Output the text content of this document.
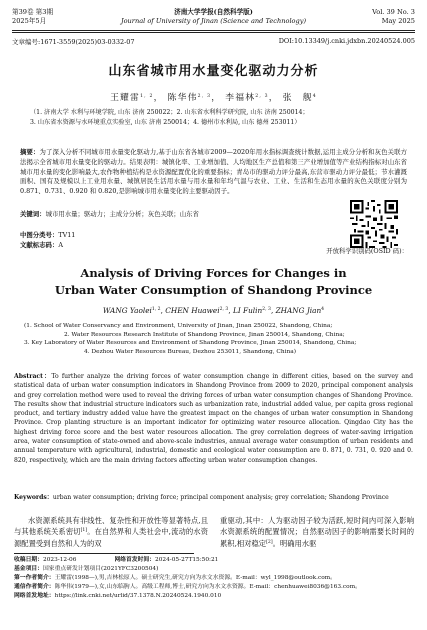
第39卷 第3期
2025年5月
济南大学学报(自然科学版)
Journal of University of Jinan (Science and Technology)
Vol. 39 No. 3
May 2025
文章编号:1671-3559(2025)03-0332-07	DOI:10.13349/j.cnki.jdxbn.20240524.005
山东省城市用水量变化驱动力分析
王耀雷$^{1, 2}$， 陈华伟$^{2, 3}$， 李福林$^{2, 3}$， 张　舰$^4$
（1. 济南大学 水利与环境学院, 山东 济南 250022；2. 山东省水利科学研究院, 山东 济南 250014；
3. 山东省水资源与水环境重点实验室, 山东 济南 250014；4. 德州市水利局, 山东 德州 253011）
摘要：为了深入分析不同城市用水量变化驱动力,基于山东省各城市2009—2020年用水指标调查统计数据,运用主成分分析和灰色关联方法揭示全省城市用水量变化的驱动力。结果表明：城镇化率、工业增加值、人均地区生产总值和第三产业增加值等产业结构指标对山东省城市用水量的变化影响最大,农作物种植结构是水资源配置优化的重要指标；青岛市的驱动力评分最高,东营市驱动力评分最低；节水灌溉面积、国有及规模以上工业用水量、城镇居民生活用水量与用水量和年均气温与农业、工业、生活和生态用水量的灰色关联度分别为 0.871、0.731、0.920 和 0.820,是影响城市用水量变化的主要驱动因子。
关键词：城市用水量；驱动力；主成分分析；灰色关联；山东省
中图分类号：TV11
文献标志码：A
开放科学识别码(OSID 码)：
Analysis of Driving Forces for Changes in
Urban Water Consumption of Shandong Province
WANG Yaolei$^{1, 2}$, CHEN Huawei$^{2, 3}$, LI Fulin$^{2, 3}$, ZHANG Jian$^4$
(1. School of Water Conservancy and Environment, University of Jinan, Jinan 250022, Shandong, China;
2. Water Resources Research Institute of Shandong Province, Jinan 250014, Shandong, China;
3. Key Laboratory of Water Resources and Environment of Shandong Province, Jinan 250014, Shandong, China;
4. Dezhou Water Resources Bureau, Dezhou 253011, Shandong, China)
Abstract：To further analyze the driving forces of water consumption change in different cities, based on the survey and statistical data of urban water consumption indicators in Shandong Province from 2009 to 2020, principal component analysis and grey correlation method were used to reveal the driving forces of urban water consumption changes of Shandong Province. The results show that industrial structure indicators such as urbanization rate, industrial added value, per capita gross regional product, and tertiary industry added value have the greatest impact on the changes of urban water consumption in Shandong Province. Crop planting structure is an important indicator for optimizing water resource allocation. Qingdao City has the highest driving force score and the best water resources allocation. The grey correlation degrees of water-saving irrigation area, water consumption of state-owned and above-scale industries, annual average water consumption of urban residents and annual temperature with agricultural, industrial, domestic and ecological water consumption are 0. 871, 0. 731, 0. 920 and 0. 820, respectively, which are the main driving factors affecting urban water consumption changes.
Keywords：urban water consumption; driving force; principal component analysis; grey correlation; Shandong Province
水资源系统具有非线性、复杂性和开放性等显著特点,且与其他系统关系密切[1]。在自然界和人类社会中,流动的水资源配置受到自然和人为的双
重驱动,其中：人为驱动因子较为活跃,短时间内可深入影响水资源系统的配置情况；自然驱动因子的影响需要长时间的累积,相对稳定[2]。明确用水驱
收稿日期：2023-12-06	网络首发时间：2024-05-27T15:50:21
基金项目：国家重点研发计划项目(2021YFC3200504)
第一作者简介：王耀雷(1998—),男,吉林松原人。硕士研究生,研究方向为水文水资源。E-mail：wyl_1998@outlook.com。
通信作者简介：陈华伟(1979—),女,山东临朐人。高级工程师,博士,研究方向为水文水资源。E-mail：chenhuawei8036@163.com。
网络首发地址：https://link.cnki.net/urlid/37.1378.N.20240524.1940.010
